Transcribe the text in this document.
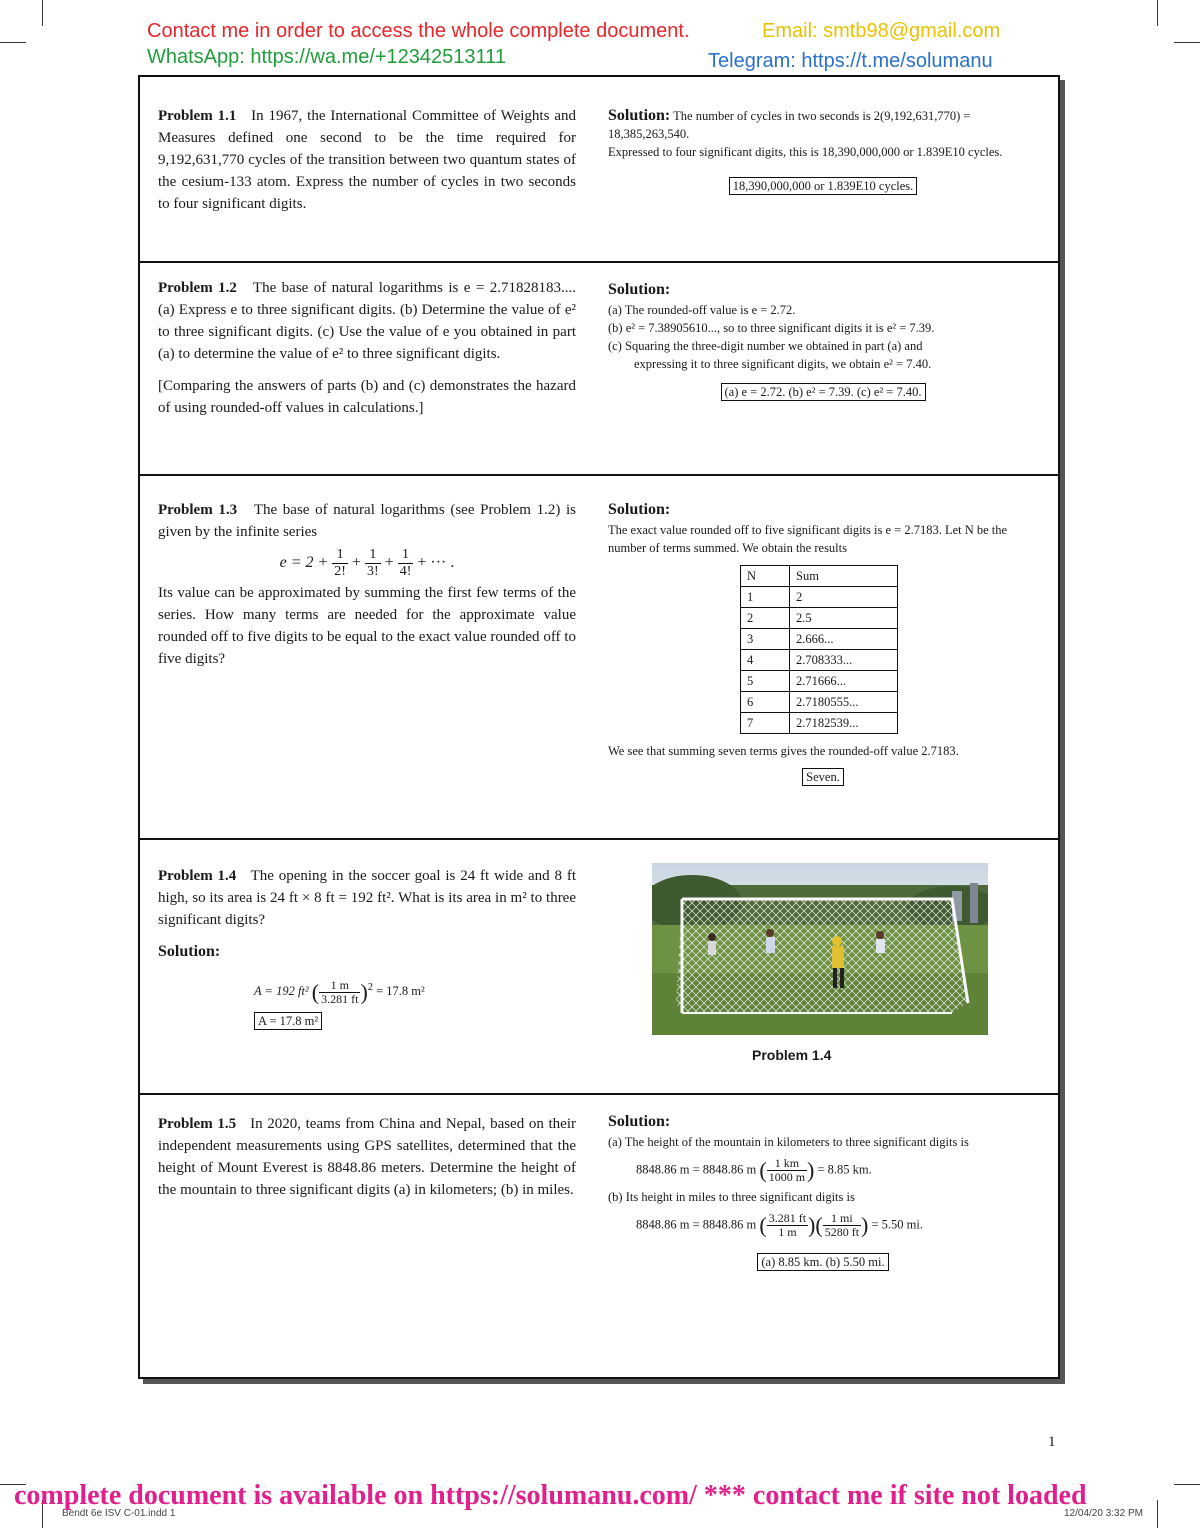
Contact me in order to access the whole complete document.
WhatsApp: https://wa.me/+12342513111
Email: smtb98@gmail.com
Telegram: https://t.me/solumanu
Problem 1.1 In 1967, the International Committee of Weights and Measures defined one second to be the time required for 9,192,631,770 cycles of the transition between two quantum states of the cesium-133 atom. Express the number of cycles in two seconds to four significant digits.
Solution: The number of cycles in two seconds is 2(9,192,631,770) = 18,385,263,540.
Expressed to four significant digits, this is 18,390,000,000 or 1.839E10 cycles.
18,390,000,000 or 1.839E10 cycles.
Problem 1.2 The base of natural logarithms is e = 2.71828183.... (a) Express e to three significant digits. (b) Determine the value of e² to three significant digits. (c) Use the value of e you obtained in part (a) to determine the value of e² to three significant digits.
[Comparing the answers of parts (b) and (c) demonstrates the hazard of using rounded-off values in calculations.]
Solution:
(a) The rounded-off value is e = 2.72.
(b) e² = 7.38905610..., so to three significant digits it is e² = 7.39.
(c) Squaring the three-digit number we obtained in part (a) and
expressing it to three significant digits, we obtain e² = 7.40.
(a) e = 2.72. (b) e² = 7.39. (c) e² = 7.40.
Problem 1.3 The base of natural logarithms (see Problem 1.2) is given by the infinite series
$e = 2 + \frac{1}{2!} + \frac{1}{3!} + \frac{1}{4!}$ + ··· .
Its value can be approximated by summing the first few terms of the series. How many terms are needed for the approximate value rounded off to five digits to be equal to the exact value rounded off to five digits?
Solution:
The exact value rounded off to five significant digits is e = 2.7183. Let N be the number of terms summed. We obtain the results
N	Sum
1	2
2	2.5
3	2.666...
4	2.708333...
5	2.71666...
6	2.7180555...
7	2.7182539...
We see that summing seven terms gives the rounded-off value 2.7183.
Seven.
Problem 1.4 The opening in the soccer goal is 24 ft wide and 8 ft high, so its area is 24 ft × 8 ft = 192 ft². What is its area in m² to three significant digits?
Solution:
A = 192 ft² ( $\frac{1 m}{3.281 ft} )^2 = 17.8$ m²
A = 17.8 m²
Problem 1.4
Problem 1.5 In 2020, teams from China and Nepal, based on their independent measurements using GPS satellites, determined that the height of Mount Everest is 8848.86 meters. Determine the height of the mountain to three significant digits (a) in kilometers; (b) in miles.
Solution:
(a) The height of the mountain in kilometers to three significant digits is
8848.86 m = 8848.86 m ( $\frac{1 km}{1000 m}$ ) = 8.85 km.
(b) Its height in miles to three significant digits is
8848.86 m = 8848.86 m ( $\frac{3.281 ft}{1 m}$ )( $\frac{1 mi}{5280 ft}$ ) = 5.50 mi.
(a) 8.85 km. (b) 5.50 mi.
1
Bendt 6e ISV C-01.indd 1	12/04/20 3:32 PM
complete document is available on https://solumanu.com/ *** contact me if site not loaded
